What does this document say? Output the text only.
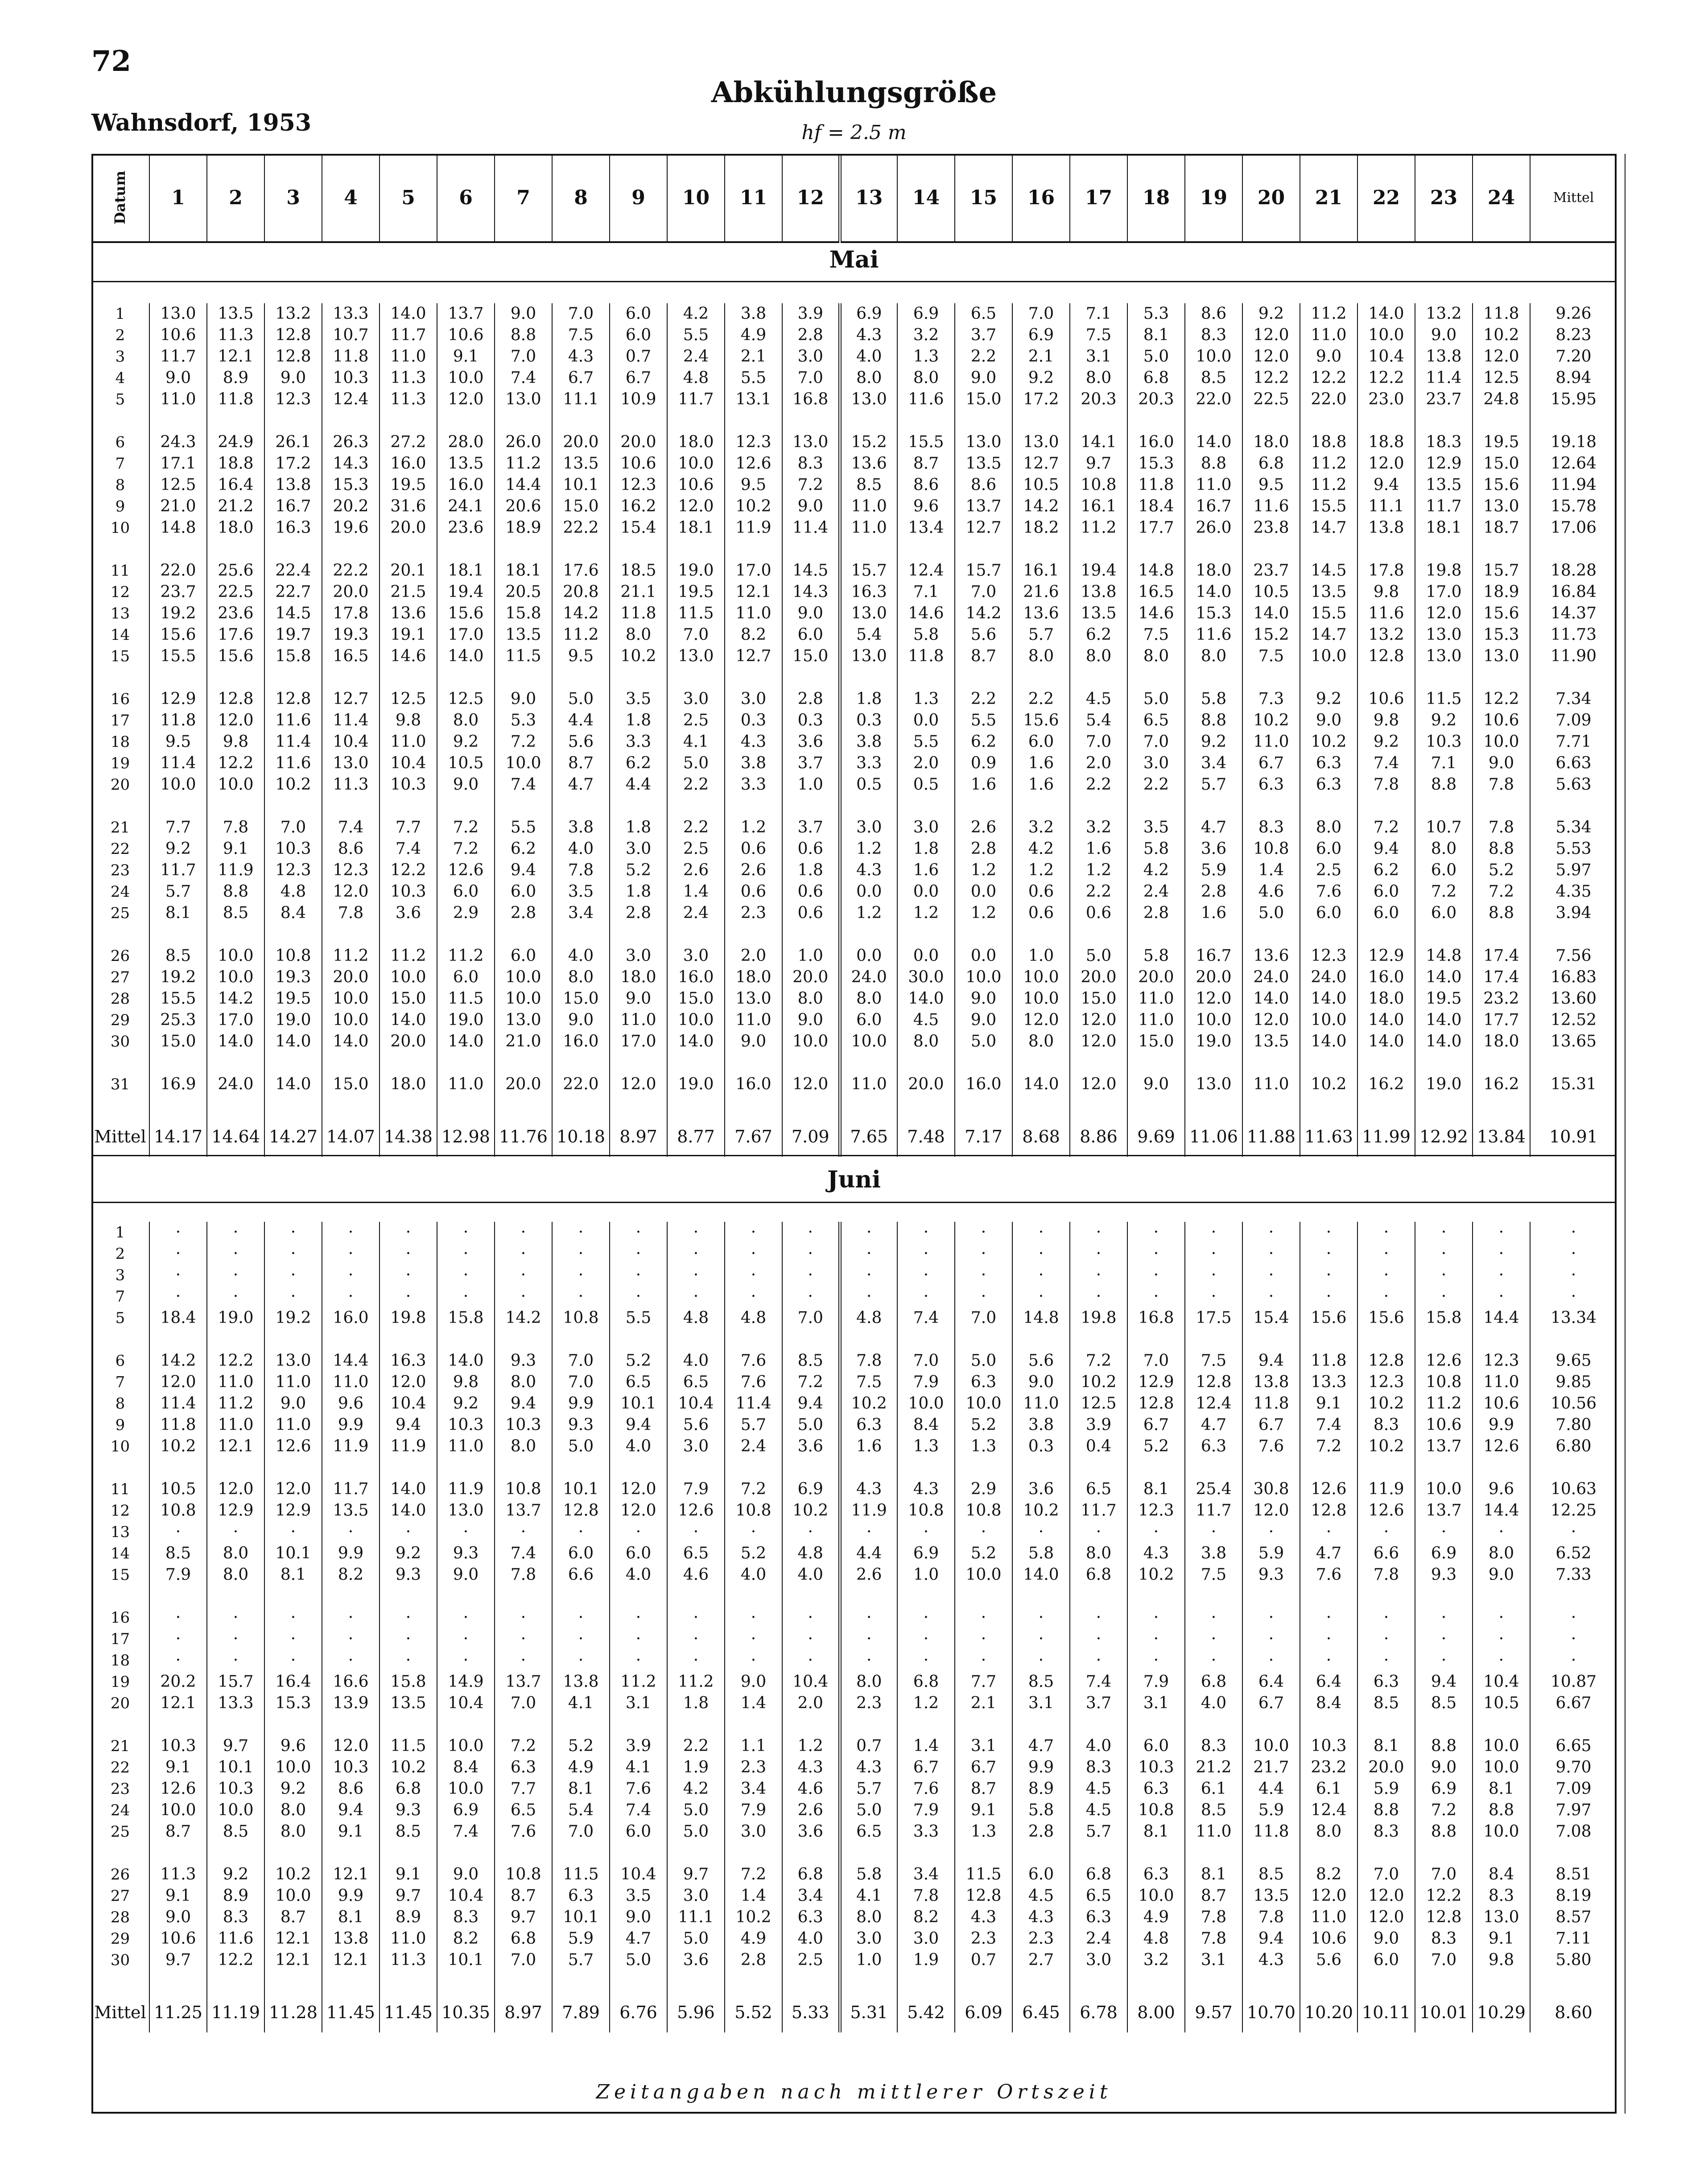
72
Wahnsdorf, 1953
Abkühlungsgröße
hf = 2.5 m
Datum	1	2	3	4	5	6	7	8	9	10	11	12	13	14	15	16	17	18	19	20	21	22	23	24	Mittel
Mai
1	13.0	13.5	13.2	13.3	14.0	13.7	9.0	7.0	6.0	4.2	3.8	3.9	6.9	6.9	6.5	7.0	7.1	5.3	8.6	9.2	11.2	14.0	13.2	11.8	9.26
2	10.6	11.3	12.8	10.7	11.7	10.6	8.8	7.5	6.0	5.5	4.9	2.8	4.3	3.2	3.7	6.9	7.5	8.1	8.3	12.0	11.0	10.0	9.0	10.2	8.23
3	11.7	12.1	12.8	11.8	11.0	9.1	7.0	4.3	0.7	2.4	2.1	3.0	4.0	1.3	2.2	2.1	3.1	5.0	10.0	12.0	9.0	10.4	13.8	12.0	7.20
4	9.0	8.9	9.0	10.3	11.3	10.0	7.4	6.7	6.7	4.8	5.5	7.0	8.0	8.0	9.0	9.2	8.0	6.8	8.5	12.2	12.2	12.2	11.4	12.5	8.94
5	11.0	11.8	12.3	12.4	11.3	12.0	13.0	11.1	10.9	11.7	13.1	16.8	13.0	11.6	15.0	17.2	20.3	20.3	22.0	22.5	22.0	23.0	23.7	24.8	15.95

6	24.3	24.9	26.1	26.3	27.2	28.0	26.0	20.0	20.0	18.0	12.3	13.0	15.2	15.5	13.0	13.0	14.1	16.0	14.0	18.0	18.8	18.8	18.3	19.5	19.18
7	17.1	18.8	17.2	14.3	16.0	13.5	11.2	13.5	10.6	10.0	12.6	8.3	13.6	8.7	13.5	12.7	9.7	15.3	8.8	6.8	11.2	12.0	12.9	15.0	12.64
8	12.5	16.4	13.8	15.3	19.5	16.0	14.4	10.1	12.3	10.6	9.5	7.2	8.5	8.6	8.6	10.5	10.8	11.8	11.0	9.5	11.2	9.4	13.5	15.6	11.94
9	21.0	21.2	16.7	20.2	31.6	24.1	20.6	15.0	16.2	12.0	10.2	9.0	11.0	9.6	13.7	14.2	16.1	18.4	16.7	11.6	15.5	11.1	11.7	13.0	15.78
10	14.8	18.0	16.3	19.6	20.0	23.6	18.9	22.2	15.4	18.1	11.9	11.4	11.0	13.4	12.7	18.2	11.2	17.7	26.0	23.8	14.7	13.8	18.1	18.7	17.06

11	22.0	25.6	22.4	22.2	20.1	18.1	18.1	17.6	18.5	19.0	17.0	14.5	15.7	12.4	15.7	16.1	19.4	14.8	18.0	23.7	14.5	17.8	19.8	15.7	18.28
12	23.7	22.5	22.7	20.0	21.5	19.4	20.5	20.8	21.1	19.5	12.1	14.3	16.3	7.1	7.0	21.6	13.8	16.5	14.0	10.5	13.5	9.8	17.0	18.9	16.84
13	19.2	23.6	14.5	17.8	13.6	15.6	15.8	14.2	11.8	11.5	11.0	9.0	13.0	14.6	14.2	13.6	13.5	14.6	15.3	14.0	15.5	11.6	12.0	15.6	14.37
14	15.6	17.6	19.7	19.3	19.1	17.0	13.5	11.2	8.0	7.0	8.2	6.0	5.4	5.8	5.6	5.7	6.2	7.5	11.6	15.2	14.7	13.2	13.0	15.3	11.73
15	15.5	15.6	15.8	16.5	14.6	14.0	11.5	9.5	10.2	13.0	12.7	15.0	13.0	11.8	8.7	8.0	8.0	8.0	8.0	7.5	10.0	12.8	13.0	13.0	11.90

16	12.9	12.8	12.8	12.7	12.5	12.5	9.0	5.0	3.5	3.0	3.0	2.8	1.8	1.3	2.2	2.2	4.5	5.0	5.8	7.3	9.2	10.6	11.5	12.2	7.34
17	11.8	12.0	11.6	11.4	9.8	8.0	5.3	4.4	1.8	2.5	0.3	0.3	0.3	0.0	5.5	15.6	5.4	6.5	8.8	10.2	9.0	9.8	9.2	10.6	7.09
18	9.5	9.8	11.4	10.4	11.0	9.2	7.2	5.6	3.3	4.1	4.3	3.6	3.8	5.5	6.2	6.0	7.0	7.0	9.2	11.0	10.2	9.2	10.3	10.0	7.71
19	11.4	12.2	11.6	13.0	10.4	10.5	10.0	8.7	6.2	5.0	3.8	3.7	3.3	2.0	0.9	1.6	2.0	3.0	3.4	6.7	6.3	7.4	7.1	9.0	6.63
20	10.0	10.0	10.2	11.3	10.3	9.0	7.4	4.7	4.4	2.2	3.3	1.0	0.5	0.5	1.6	1.6	2.2	2.2	5.7	6.3	6.3	7.8	8.8	7.8	5.63

21	7.7	7.8	7.0	7.4	7.7	7.2	5.5	3.8	1.8	2.2	1.2	3.7	3.0	3.0	2.6	3.2	3.2	3.5	4.7	8.3	8.0	7.2	10.7	7.8	5.34
22	9.2	9.1	10.3	8.6	7.4	7.2	6.2	4.0	3.0	2.5	0.6	0.6	1.2	1.8	2.8	4.2	1.6	5.8	3.6	10.8	6.0	9.4	8.0	8.8	5.53
23	11.7	11.9	12.3	12.3	12.2	12.6	9.4	7.8	5.2	2.6	2.6	1.8	4.3	1.6	1.2	1.2	1.2	4.2	5.9	1.4	2.5	6.2	6.0	5.2	5.97
24	5.7	8.8	4.8	12.0	10.3	6.0	6.0	3.5	1.8	1.4	0.6	0.6	0.0	0.0	0.0	0.6	2.2	2.4	2.8	4.6	7.6	6.0	7.2	7.2	4.35
25	8.1	8.5	8.4	7.8	3.6	2.9	2.8	3.4	2.8	2.4	2.3	0.6	1.2	1.2	1.2	0.6	0.6	2.8	1.6	5.0	6.0	6.0	6.0	8.8	3.94

26	8.5	10.0	10.8	11.2	11.2	11.2	6.0	4.0	3.0	3.0	2.0	1.0	0.0	0.0	0.0	1.0	5.0	5.8	16.7	13.6	12.3	12.9	14.8	17.4	7.56
27	19.2	10.0	19.3	20.0	10.0	6.0	10.0	8.0	18.0	16.0	18.0	20.0	24.0	30.0	10.0	10.0	20.0	20.0	20.0	24.0	24.0	16.0	14.0	17.4	16.83
28	15.5	14.2	19.5	10.0	15.0	11.5	10.0	15.0	9.0	15.0	13.0	8.0	8.0	14.0	9.0	10.0	15.0	11.0	12.0	14.0	14.0	18.0	19.5	23.2	13.60
29	25.3	17.0	19.0	10.0	14.0	19.0	13.0	9.0	11.0	10.0	11.0	9.0	6.0	4.5	9.0	12.0	12.0	11.0	10.0	12.0	10.0	14.0	14.0	17.7	12.52
30	15.0	14.0	14.0	14.0	20.0	14.0	21.0	16.0	17.0	14.0	9.0	10.0	10.0	8.0	5.0	8.0	12.0	15.0	19.0	13.5	14.0	14.0	14.0	18.0	13.65

31	16.9	24.0	14.0	15.0	18.0	11.0	20.0	22.0	12.0	19.0	16.0	12.0	11.0	20.0	16.0	14.0	12.0	9.0	13.0	11.0	10.2	16.2	19.0	16.2	15.31

Mittel	14.17	14.64	14.27	14.07	14.38	12.98	11.76	10.18	8.97	8.77	7.67	7.09	7.65	7.48	7.17	8.68	8.86	9.69	11.06	11.88	11.63	11.99	12.92	13.84	10.91
Juni
1	·	·	·	·	·	·	·	·	·	·	·	·	·	·	·	·	·	·	·	·	·	·	·	·	·
2	·	·	·	·	·	·	·	·	·	·	·	·	·	·	·	·	·	·	·	·	·	·	·	·	·
3	·	·	·	·	·	·	·	·	·	·	·	·	·	·	·	·	·	·	·	·	·	·	·	·	·
7	·	·	·	·	·	·	·	·	·	·	·	·	·	·	·	·	·	·	·	·	·	·	·	·	·
5	18.4	19.0	19.2	16.0	19.8	15.8	14.2	10.8	5.5	4.8	4.8	7.0	4.8	7.4	7.0	14.8	19.8	16.8	17.5	15.4	15.6	15.6	15.8	14.4	13.34

6	14.2	12.2	13.0	14.4	16.3	14.0	9.3	7.0	5.2	4.0	7.6	8.5	7.8	7.0	5.0	5.6	7.2	7.0	7.5	9.4	11.8	12.8	12.6	12.3	9.65
7	12.0	11.0	11.0	11.0	12.0	9.8	8.0	7.0	6.5	6.5	7.6	7.2	7.5	7.9	6.3	9.0	10.2	12.9	12.8	13.8	13.3	12.3	10.8	11.0	9.85
8	11.4	11.2	9.0	9.6	10.4	9.2	9.4	9.9	10.1	10.4	11.4	9.4	10.2	10.0	10.0	11.0	12.5	12.8	12.4	11.8	9.1	10.2	11.2	10.6	10.56
9	11.8	11.0	11.0	9.9	9.4	10.3	10.3	9.3	9.4	5.6	5.7	5.0	6.3	8.4	5.2	3.8	3.9	6.7	4.7	6.7	7.4	8.3	10.6	9.9	7.80
10	10.2	12.1	12.6	11.9	11.9	11.0	8.0	5.0	4.0	3.0	2.4	3.6	1.6	1.3	1.3	0.3	0.4	5.2	6.3	7.6	7.2	10.2	13.7	12.6	6.80

11	10.5	12.0	12.0	11.7	14.0	11.9	10.8	10.1	12.0	7.9	7.2	6.9	4.3	4.3	2.9	3.6	6.5	8.1	25.4	30.8	12.6	11.9	10.0	9.6	10.63
12	10.8	12.9	12.9	13.5	14.0	13.0	13.7	12.8	12.0	12.6	10.8	10.2	11.9	10.8	10.8	10.2	11.7	12.3	11.7	12.0	12.8	12.6	13.7	14.4	12.25
13	·	·	·	·	·	·	·	·	·	·	·	·	·	·	·	·	·	·	·	·	·	·	·	·	·
14	8.5	8.0	10.1	9.9	9.2	9.3	7.4	6.0	6.0	6.5	5.2	4.8	4.4	6.9	5.2	5.8	8.0	4.3	3.8	5.9	4.7	6.6	6.9	8.0	6.52
15	7.9	8.0	8.1	8.2	9.3	9.0	7.8	6.6	4.0	4.6	4.0	4.0	2.6	1.0	10.0	14.0	6.8	10.2	7.5	9.3	7.6	7.8	9.3	9.0	7.33

16	·	·	·	·	·	·	·	·	·	·	·	·	·	·	·	·	·	·	·	·	·	·	·	·	·
17	·	·	·	·	·	·	·	·	·	·	·	·	·	·	·	·	·	·	·	·	·	·	·	·	·
18	·	·	·	·	·	·	·	·	·	·	·	·	·	·	·	·	·	·	·	·	·	·	·	·	·
19	20.2	15.7	16.4	16.6	15.8	14.9	13.7	13.8	11.2	11.2	9.0	10.4	8.0	6.8	7.7	8.5	7.4	7.9	6.8	6.4	6.4	6.3	9.4	10.4	10.87
20	12.1	13.3	15.3	13.9	13.5	10.4	7.0	4.1	3.1	1.8	1.4	2.0	2.3	1.2	2.1	3.1	3.7	3.1	4.0	6.7	8.4	8.5	8.5	10.5	6.67

21	10.3	9.7	9.6	12.0	11.5	10.0	7.2	5.2	3.9	2.2	1.1	1.2	0.7	1.4	3.1	4.7	4.0	6.0	8.3	10.0	10.3	8.1	8.8	10.0	6.65
22	9.1	10.1	10.0	10.3	10.2	8.4	6.3	4.9	4.1	1.9	2.3	4.3	4.3	6.7	6.7	9.9	8.3	10.3	21.2	21.7	23.2	20.0	9.0	10.0	9.70
23	12.6	10.3	9.2	8.6	6.8	10.0	7.7	8.1	7.6	4.2	3.4	4.6	5.7	7.6	8.7	8.9	4.5	6.3	6.1	4.4	6.1	5.9	6.9	8.1	7.09
24	10.0	10.0	8.0	9.4	9.3	6.9	6.5	5.4	7.4	5.0	7.9	2.6	5.0	7.9	9.1	5.8	4.5	10.8	8.5	5.9	12.4	8.8	7.2	8.8	7.97
25	8.7	8.5	8.0	9.1	8.5	7.4	7.6	7.0	6.0	5.0	3.0	3.6	6.5	3.3	1.3	2.8	5.7	8.1	11.0	11.8	8.0	8.3	8.8	10.0	7.08

26	11.3	9.2	10.2	12.1	9.1	9.0	10.8	11.5	10.4	9.7	7.2	6.8	5.8	3.4	11.5	6.0	6.8	6.3	8.1	8.5	8.2	7.0	7.0	8.4	8.51
27	9.1	8.9	10.0	9.9	9.7	10.4	8.7	6.3	3.5	3.0	1.4	3.4	4.1	7.8	12.8	4.5	6.5	10.0	8.7	13.5	12.0	12.0	12.2	8.3	8.19
28	9.0	8.3	8.7	8.1	8.9	8.3	9.7	10.1	9.0	11.1	10.2	6.3	8.0	8.2	4.3	4.3	6.3	4.9	7.8	7.8	11.0	12.0	12.8	13.0	8.57
29	10.6	11.6	12.1	13.8	11.0	8.2	6.8	5.9	4.7	5.0	4.9	4.0	3.0	3.0	2.3	2.3	2.4	4.8	7.8	9.4	10.6	9.0	8.3	9.1	7.11
30	9.7	12.2	12.1	12.1	11.3	10.1	7.0	5.7	5.0	3.6	2.8	2.5	1.0	1.9	0.7	2.7	3.0	3.2	3.1	4.3	5.6	6.0	7.0	9.8	5.80

Mittel	11.25	11.19	11.28	11.45	11.45	10.35	8.97	7.89	6.76	5.96	5.52	5.33	5.31	5.42	6.09	6.45	6.78	8.00	9.57	10.70	10.20	10.11	10.01	10.29	8.60
Zeitangaben nach mittlerer Ortszeit
